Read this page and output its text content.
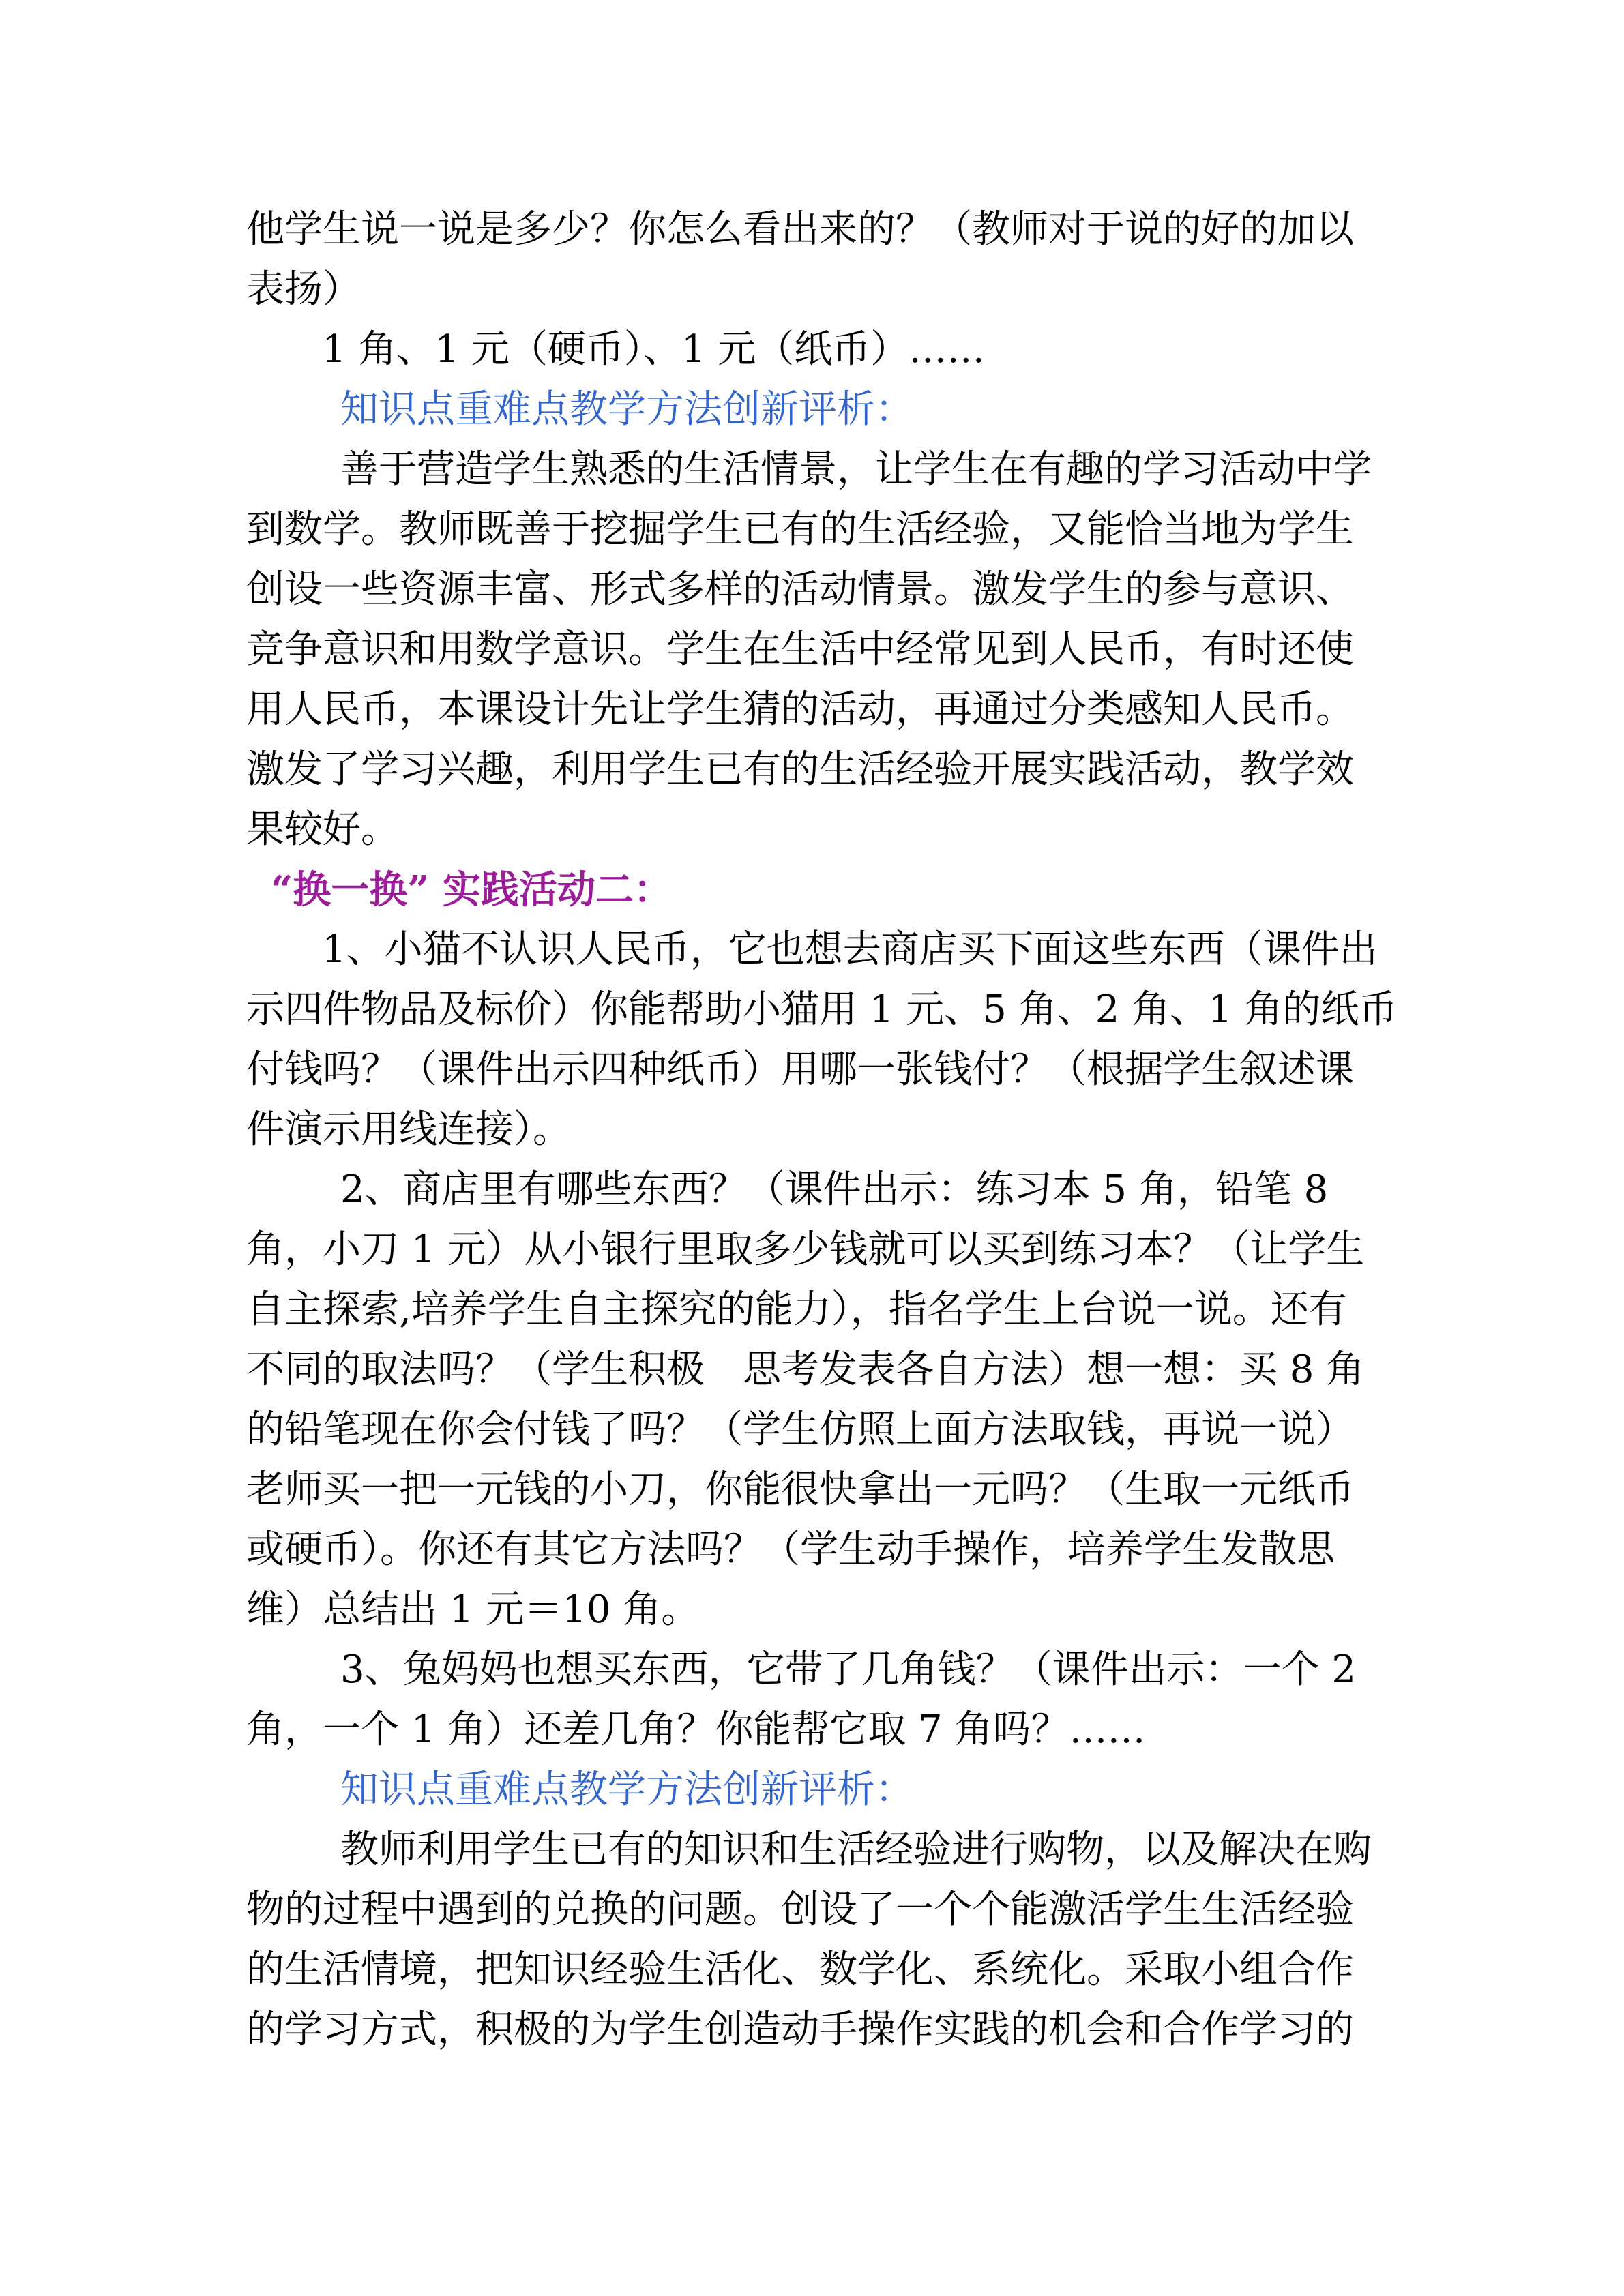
他学生说一说是多少？你怎么看出来的？（教师对于说的好的加以
表扬）
1 角、1 元（硬币）、1 元（纸币）……
知识点重难点教学方法创新评析：
善于营造学生熟悉的生活情景，让学生在有趣的学习活动中学
到数学。教师既善于挖掘学生已有的生活经验，又能恰当地为学生
创设一些资源丰富、形式多样的活动情景。激发学生的参与意识、
竞争意识和用数学意识。学生在生活中经常见到人民币，有时还使
用人民币，本课设计先让学生猜的活动，再通过分类感知人民币。
激发了学习兴趣，利用学生已有的生活经验开展实践活动，教学效
果较好。
“换一换” 实践活动二：
1、小猫不认识人民币，它也想去商店买下面这些东西（课件出
示四件物品及标价）你能帮助小猫用 1 元、5 角、2 角、1 角的纸币
付钱吗？（课件出示四种纸币）用哪一张钱付？（根据学生叙述课
件演示用线连接）。
2、商店里有哪些东西？（课件出示：练习本 5 角，铅笔 8
角，小刀 1 元）从小银行里取多少钱就可以买到练习本？（让学生
自主探索,培养学生自主探究的能力），指名学生上台说一说。还有
不同的取法吗？（学生积极　思考发表各自方法）想一想：买 8 角
的铅笔现在你会付钱了吗？（学生仿照上面方法取钱，再说一说）
老师买一把一元钱的小刀，你能很快拿出一元吗？（生取一元纸币
或硬币）。你还有其它方法吗？（学生动手操作，培养学生发散思
维）总结出 1 元＝10 角。
3、兔妈妈也想买东西，它带了几角钱？（课件出示：一个 2
角，一个 1 角）还差几角？你能帮它取 7 角吗？……
知识点重难点教学方法创新评析：
教师利用学生已有的知识和生活经验进行购物，以及解决在购
物的过程中遇到的兑换的问题。创设了一个个能激活学生生活经验
的生活情境，把知识经验生活化、数学化、系统化。采取小组合作
的学习方式，积极的为学生创造动手操作实践的机会和合作学习的
